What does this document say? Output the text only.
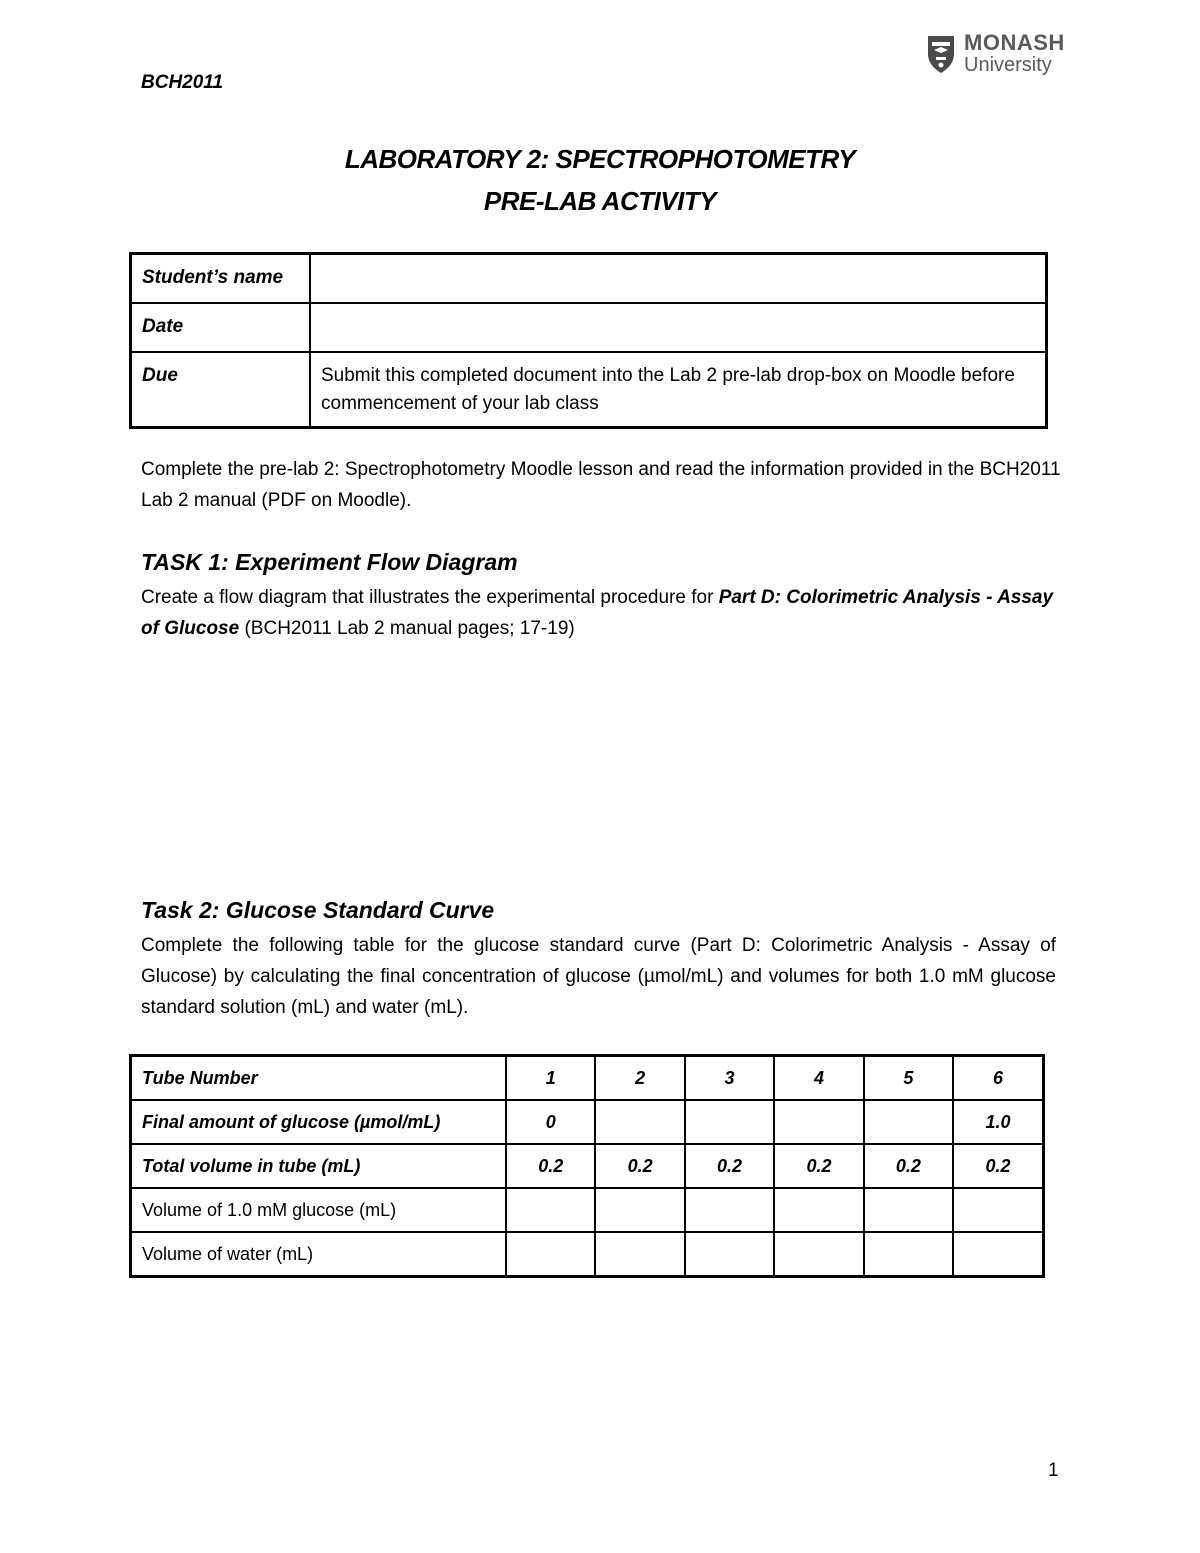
BCH2011
MONASH
University
LABORATORY 2: SPECTROPHOTOMETRY
PRE-LAB ACTIVITY
Student’s name	
Date	
Due	Submit this completed document into the Lab 2 pre-lab drop-box on Moodle before commencement of your lab class
Complete the pre-lab 2: Spectrophotometry Moodle lesson and read the information provided in the BCH2011 Lab 2 manual (PDF on Moodle).
TASK 1: Experiment Flow Diagram
Create a flow diagram that illustrates the experimental procedure for Part D: Colorimetric Analysis - Assay of Glucose (BCH2011 Lab 2 manual pages; 17-19)
Task 2: Glucose Standard Curve
Complete the following table for the glucose standard curve (Part D: Colorimetric Analysis - Assay of Glucose) by calculating the final concentration of glucose (µmol/mL) and volumes for both 1.0 mM glucose standard solution (mL) and water (mL).
Tube Number	1	2	3	4	5	6
Final amount of glucose (µmol/mL)	0					1.0
Total volume in tube (mL)	0.2	0.2	0.2	0.2	0.2	0.2
Volume of 1.0 mM glucose (mL)						
Volume of water (mL)						
1
